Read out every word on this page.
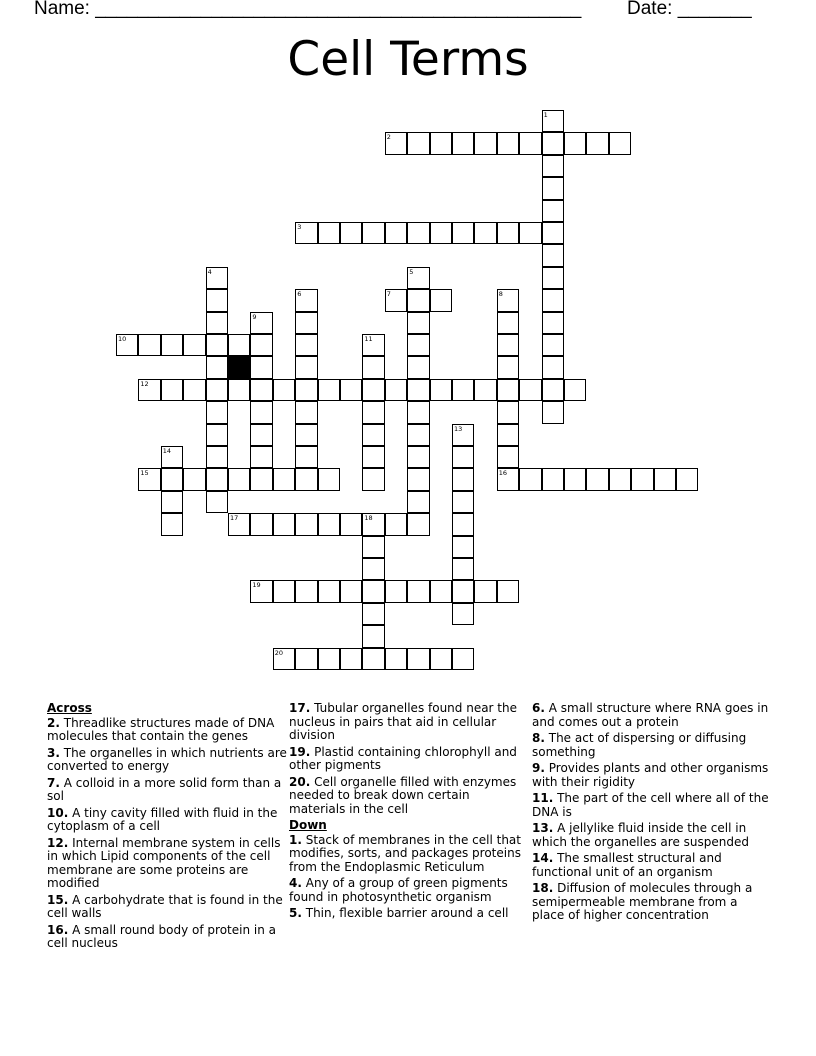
Name: ______________________________________________ Date: _______
Cell Terms
1
2
3
4	5
6	7	8
16
9
10	11
12
13
14
15
17	18
19
20
Across
2. Threadlike structures made of DNA molecules that contain the genes
3. The organelles in which nutrients are converted to energy
7. A colloid in a more solid form than a sol
10. A tiny cavity filled with fluid in the cytoplasm of a cell
12. Internal membrane system in cells in which Lipid components of the cell membrane are some proteins are modified
15. A carbohydrate that is found in the cell walls
16. A small round body of protein in a cell nucleus
17. Tubular organelles found near the nucleus in pairs that aid in cellular division
19. Plastid containing chlorophyll and other pigments
20. Cell organelle filled with enzymes needed to break down certain materials in the cell
Down
1. Stack of membranes in the cell that modifies, sorts, and packages proteins from the Endoplasmic Reticulum
4. Any of a group of green pigments found in photosynthetic organism
5. Thin, flexible barrier around a cell
6. A small structure where RNA goes in and comes out a protein
8. The act of dispersing or diffusing something
9. Provides plants and other organisms with their rigidity
11. The part of the cell where all of the DNA is
13. A jellylike fluid inside the cell in which the organelles are suspended
14. The smallest structural and functional unit of an organism
18. Diffusion of molecules through a semipermeable membrane from a place of higher concentration
